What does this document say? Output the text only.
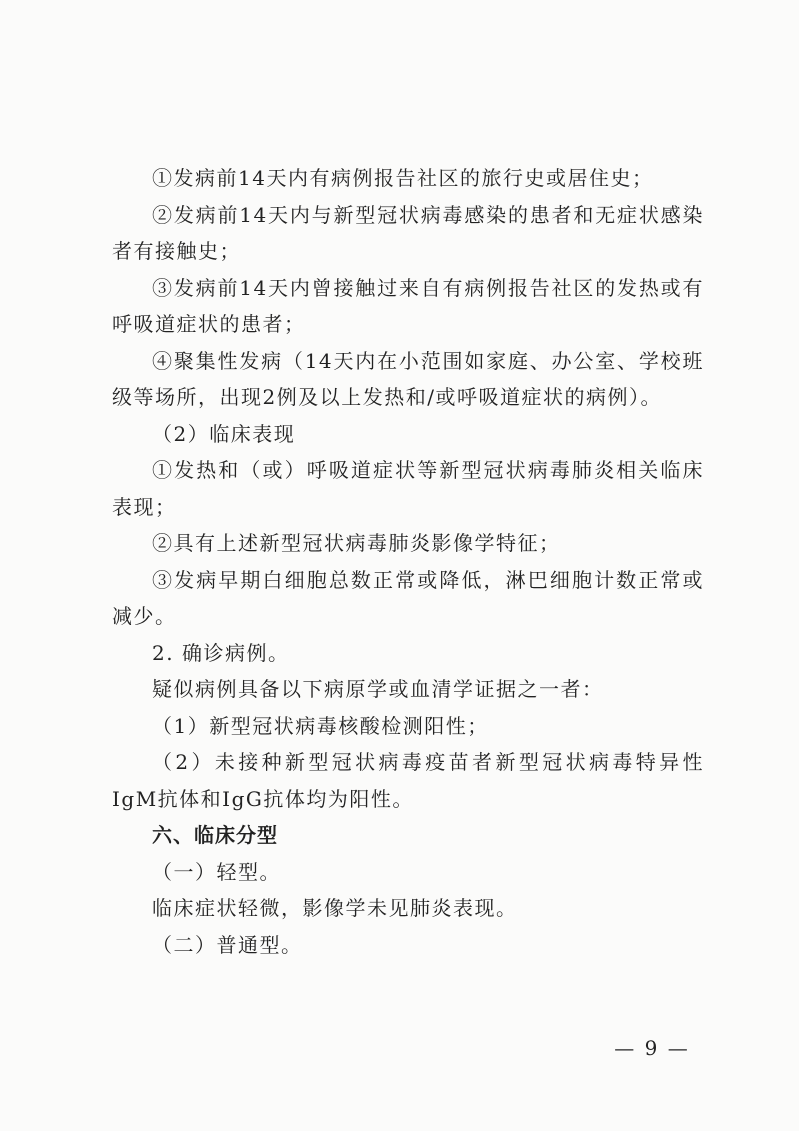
①发病前14天内有病例报告社区的旅行史或居住史；

②发病前14天内与新型冠状病毒感染的患者和无症状感染者有接触史；

③发病前14天内曾接触过来自有病例报告社区的发热或有呼吸道症状的患者；

④聚集性发病（14天内在小范围如家庭、办公室、学校班级等场所，出现2例及以上发热和/或呼吸道症状的病例）。

（2）临床表现

①发热和（或）呼吸道症状等新型冠状病毒肺炎相关临床表现；

②具有上述新型冠状病毒肺炎影像学特征；

③发病早期白细胞总数正常或降低，淋巴细胞计数正常或减少。

2. 确诊病例。

疑似病例具备以下病原学或血清学证据之一者：

（1）新型冠状病毒核酸检测阳性；

（2）未接种新型冠状病毒疫苗者新型冠状病毒特异性IgM抗体和IgG抗体均为阳性。

六、临床分型

（一）轻型。

临床症状轻微，影像学未见肺炎表现。

（二）普通型。

— 9 —
